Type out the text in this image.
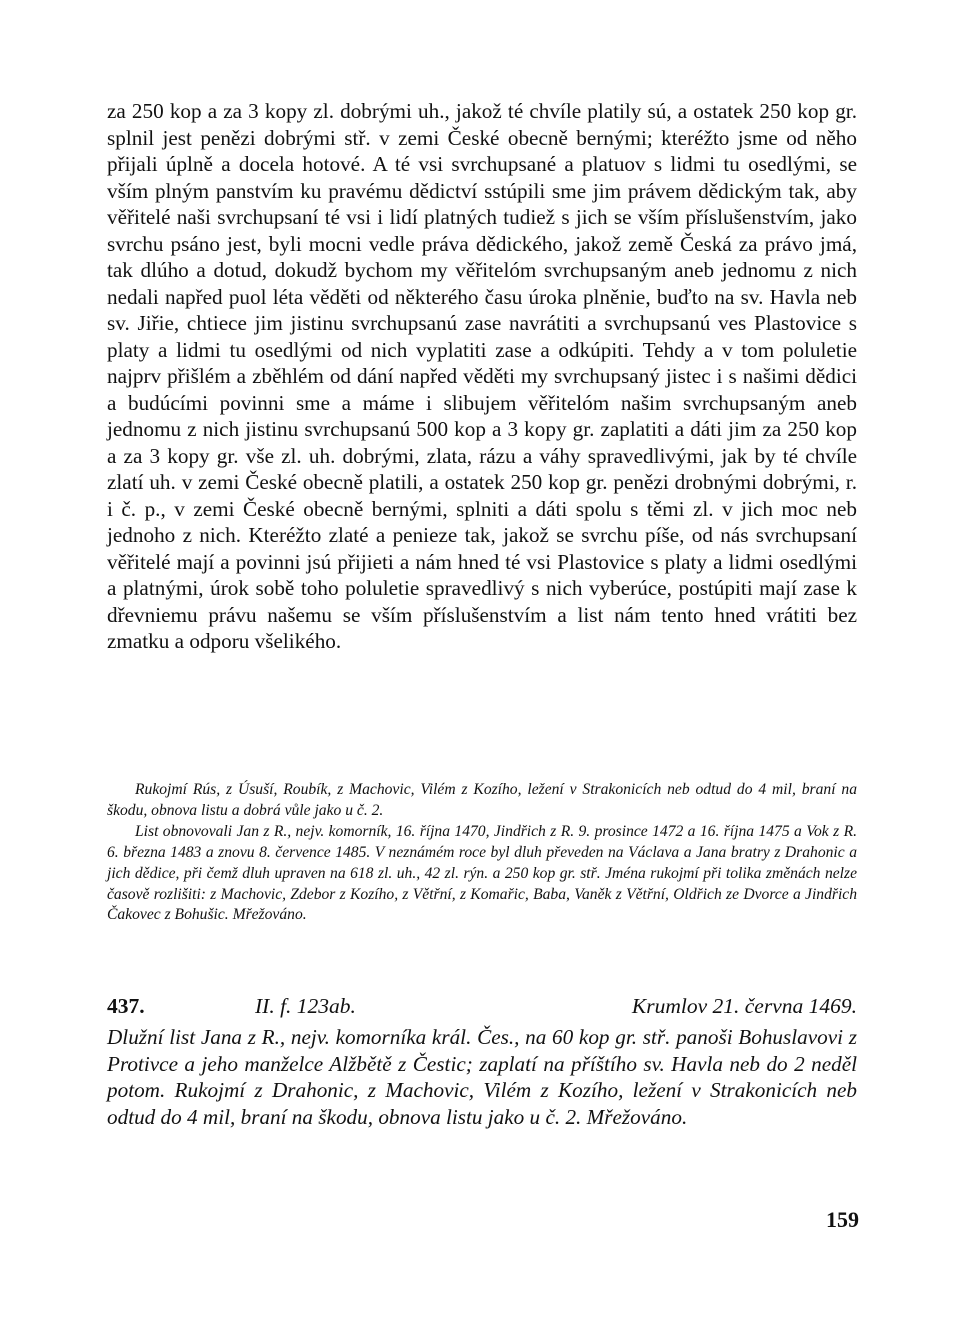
za 250 kop a za 3 kopy zl. dobrými uh., jakož té chvíle platily sú, a ostatek 250 kop gr. splnil jest penězi dobrými stř. v zemi České obecně bernými; kteréžto jsme od něho přijali úplně a docela hotové. A té vsi svrchupsané a platuov s lidmi tu osedlými, se vším plným panstvím ku pravému dědictví sstúpili sme jim právem dědickým tak, aby věřitelé naši svrchupsaní té vsi i lidí platných tudiež s jich se vším příslušenstvím, jako svrchu psáno jest, byli mocni vedle práva dědického, jakož země Česká za právo jmá, tak dlúho a dotud, dokudž bychom my věřitelóm svrchupsaným aneb jednomu z nich nedali napřed puol léta věděti od některého času úroka plněnie, buďto na sv. Havla neb sv. Jiřie, chtiece jim jistinu svrchupsanú zase navrátiti a svrchupsanú ves Plastovice s platy a lidmi tu osedlými od nich vyplatiti zase a odkúpiti. Tehdy a v tom poluletie najprv přišlém a zběhlém od dání napřed věděti my svrchupsaný jistec i s našimi dědici a budúcími povinni sme a máme i slibujem věřitelóm našim svrchupsaným aneb jednomu z nich jistinu svrchupsanú 500 kop a 3 kopy gr. zaplatiti a dáti jim za 250 kop a za 3 kopy gr. vše zl. uh. dobrými, zlata, rázu a váhy spravedlivými, jak by té chvíle zlatí uh. v zemi České obecně platili, a ostatek 250 kop gr. penězi drobnými dobrými, r. i č. p., v zemi České obecně bernými, splniti a dáti spolu s těmi zl. v jich moc neb jednoho z nich. Kteréžto zlaté a penieze tak, jakož se svrchu píše, od nás svrchupsaní věřitelé mají a povinni jsú přijieti a nám hned té vsi Plastovice s platy a lidmi osedlými a platnými, úrok sobě toho poluletie spravedlivý s nich vyberúce, postúpiti mají zase k dřevniemu právu našemu se vším příslušenstvím a list nám tento hned vrátiti bez zmatku a odporu všelikého.

Rukojmí Rús, z Úsuší, Roubík, z Machovic, Vilém z Kozího, ležení v Strakonicích neb odtud do 4 mil, braní na škodu, obnova listu a dobrá vůle jako u č. 2.

List obnovovali Jan z R., nejv. komorník, 16. října 1470, Jindřich z R. 9. prosince 1472 a 16. října 1475 a Vok z R. 6. března 1483 a znovu 8. července 1485. V neznámém roce byl dluh převeden na Václava a Jana bratry z Drahonic a jich dědice, při čemž dluh upraven na 618 zl. uh., 42 zl. rýn. a 250 kop gr. stř. Jména rukojmí při tolika změnách nelze časově rozlišiti: z Machovic, Zdebor z Kozího, z Větřní, z Komařic, Baba, Vaněk z Větřní, Oldřich ze Dvorce a Jindřich Čakovec z Bohušic. Mřežováno.

437.	II. f. 123ab.	Krumlov 21. června 1469.

Dlužní list Jana z R., nejv. komorníka král. Čes., na 60 kop gr. stř. panoši Bohuslavovi z Protivce a jeho manželce Alžbětě z Čestic; zaplatí na příštího sv. Havla neb do 2 neděl potom. Rukojmí z Drahonic, z Machovic, Vilém z Kozího, ležení v Strakonicích neb odtud do 4 mil, braní na škodu, obnova listu jako u č. 2. Mřežováno.

159
